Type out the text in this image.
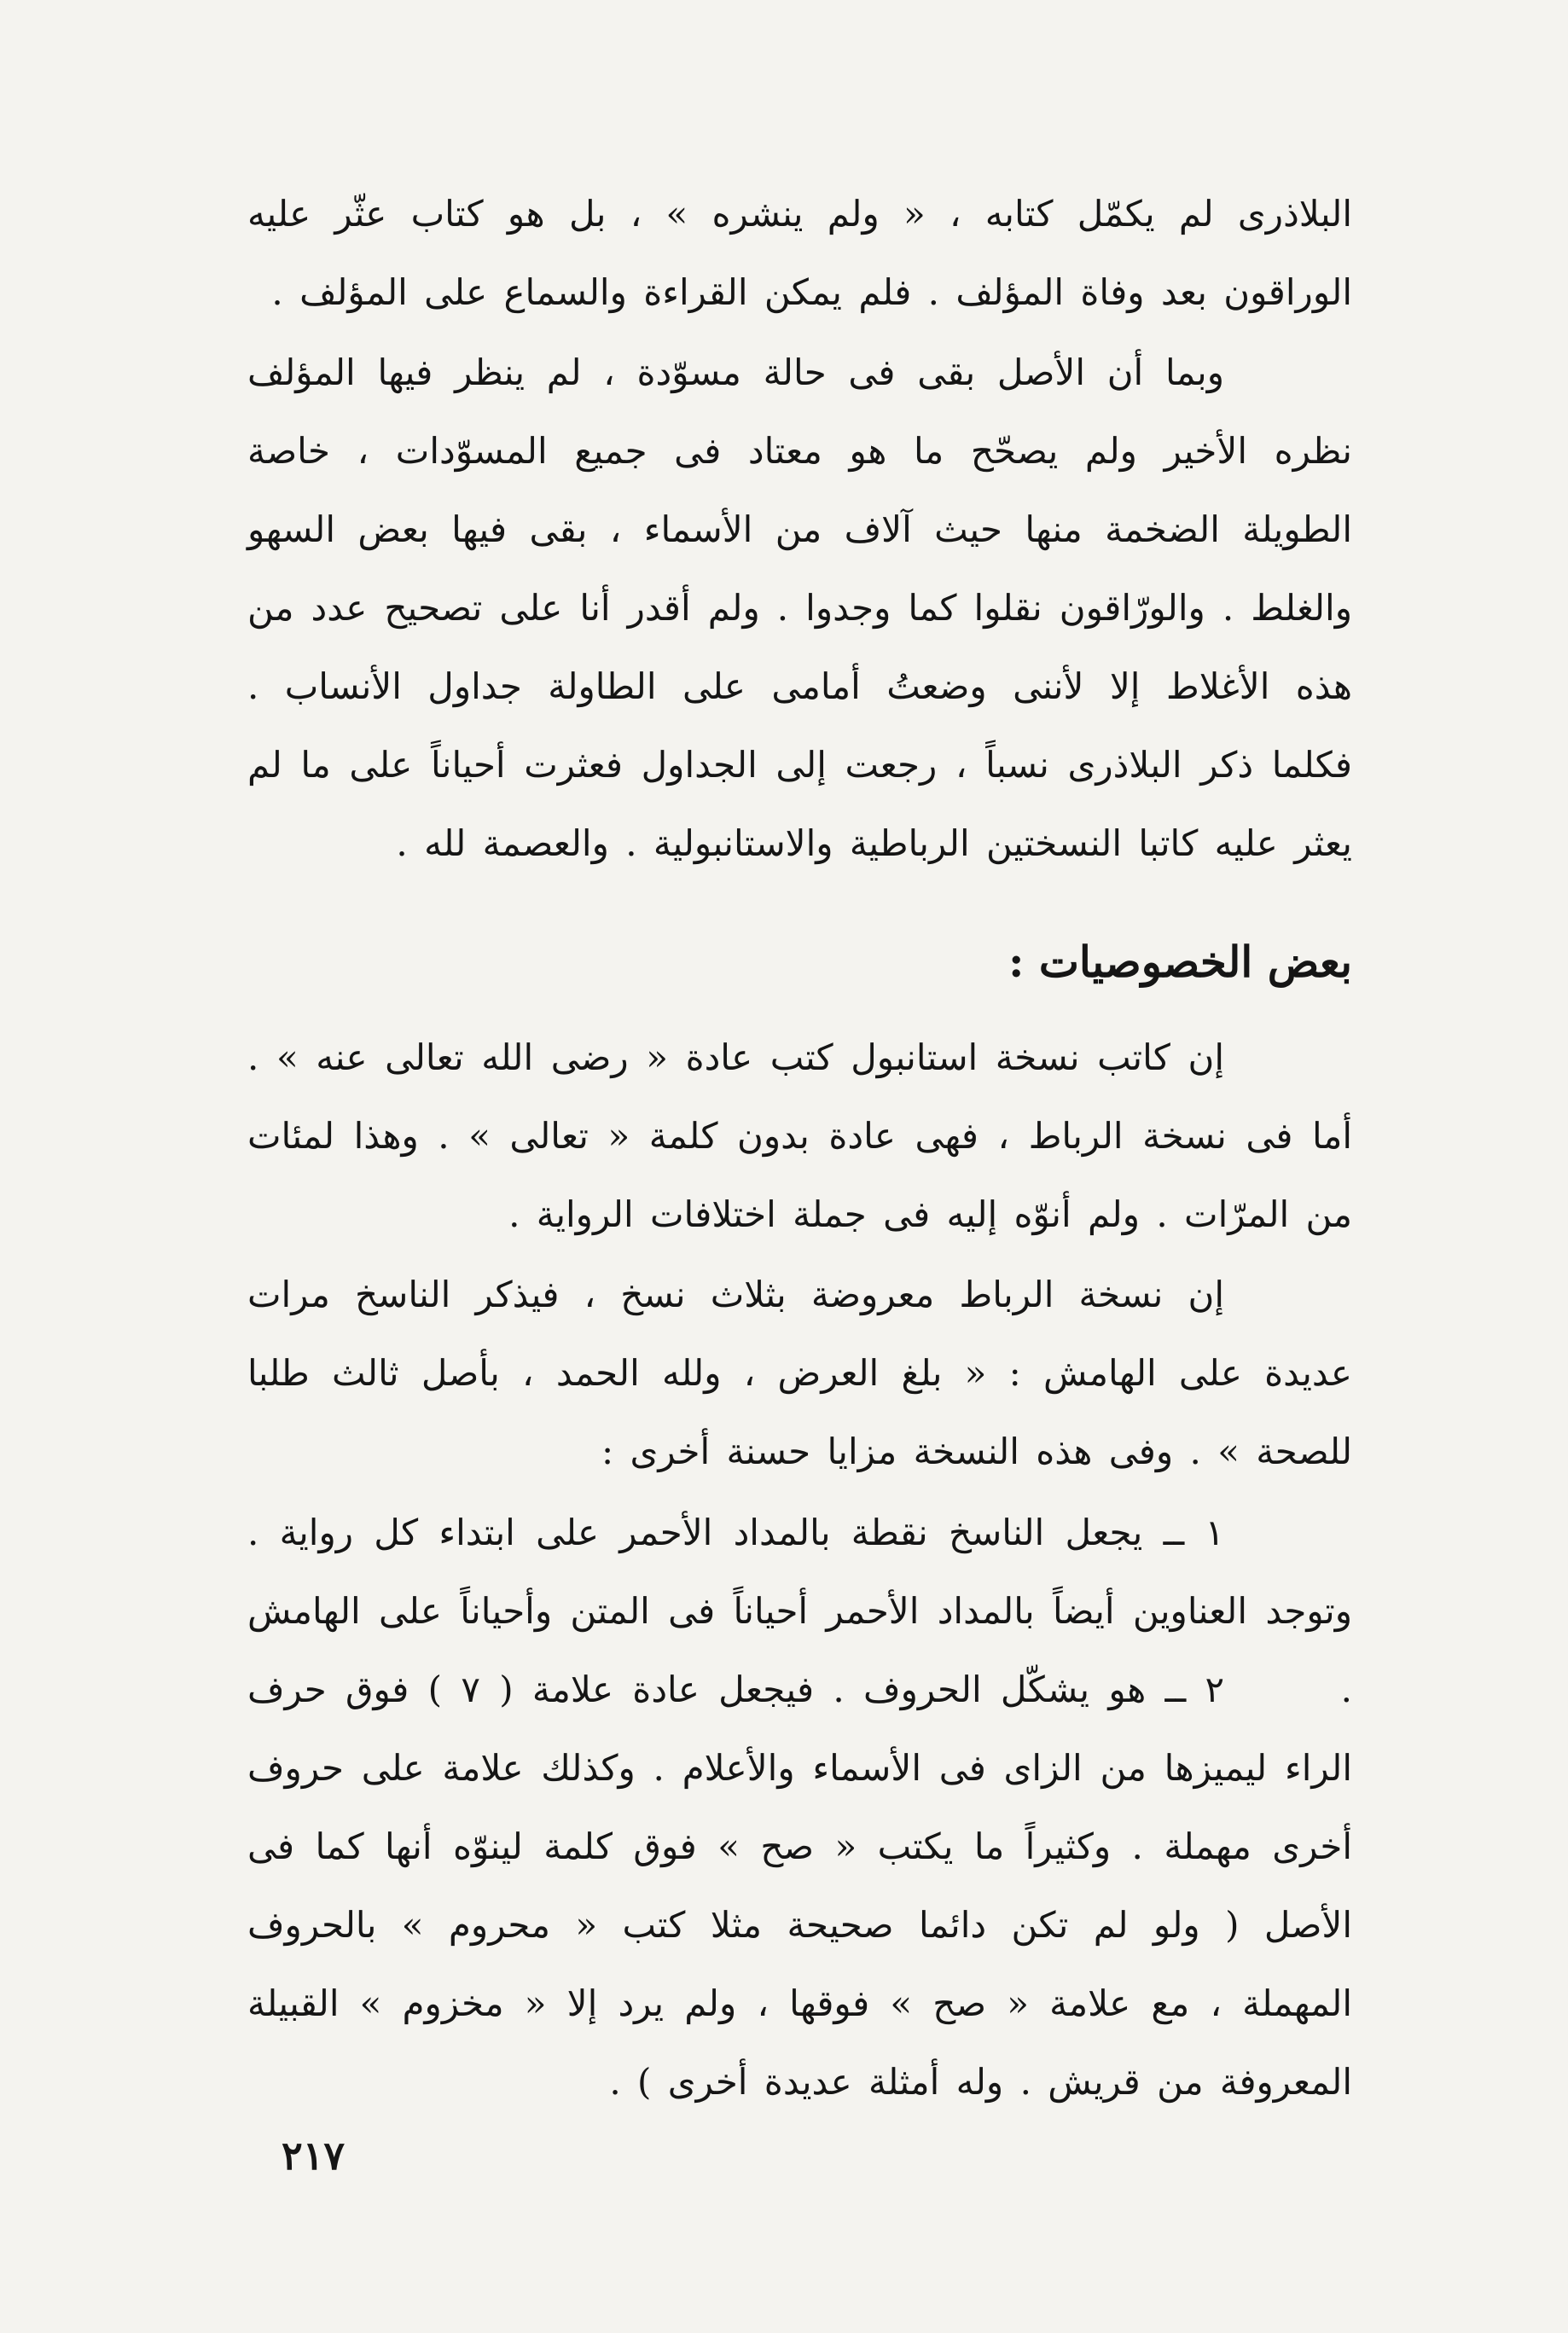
البلاذرى لم يكمّل كتابه ، « ولم ينشره » ، بل هو كتاب عثّر عليه الوراقون بعد وفاة المؤلف . فلم يمكن القراءة والسماع على المؤلف .

وبما أن الأصل بقى فى حالة مسوّدة ، لم ينظر فيها المؤلف نظره الأخير ولم يصحّح ما هو معتاد فى جميع المسوّدات ، خاصة الطويلة الضخمة منها حيث آلاف من الأسماء ، بقى فيها بعض السهو والغلط . والورّاقون نقلوا كما وجدوا . ولم أقدر أنا على تصحيح عدد من هذه الأغلاط إلا لأننى وضعتُ أمامى على الطاولة جداول الأنساب . فكلما ذكر البلاذرى نسباً ، رجعت إلى الجداول فعثرت أحياناً على ما لم يعثر عليه كاتبا النسختين الرباطية والاستانبولية . والعصمة لله .

بعض الخصوصيات :

إن كاتب نسخة استانبول كتب عادة « رضى الله تعالى عنه » . أما فى نسخة الرباط ، فهى عادة بدون كلمة « تعالى » . وهذا لمئات من المرّات . ولم أنوّه إليه فى جملة اختلافات الرواية .

إن نسخة الرباط معروضة بثلاث نسخ ، فيذكر الناسخ مرات عديدة على الهامش : « بلغ العرض ، ولله الحمد ، بأصل ثالث طلبا للصحة » . وفى هذه النسخة مزايا حسنة أخرى :

١ ــ يجعل الناسخ نقطة بالمداد الأحمر على ابتداء كل رواية . وتوجد العناوين أيضاً بالمداد الأحمر أحياناً فى المتن وأحياناً على الهامش .

٢ ــ هو يشكّل الحروف . فيجعل عادة علامة ( ٧ ) فوق حرف الراء ليميزها من الزاى فى الأسماء والأعلام . وكذلك علامة على حروف أخرى مهملة . وكثيراً ما يكتب « صح » فوق كلمة لينوّه أنها كما فى الأصل ( ولو لم تكن دائما صحيحة مثلا كتب « محروم » بالحروف المهملة ، مع علامة « صح » فوقها ، ولم يرد إلا « مخزوم » القبيلة المعروفة من قريش . وله أمثلة عديدة أخرى ) .

٢١٧
